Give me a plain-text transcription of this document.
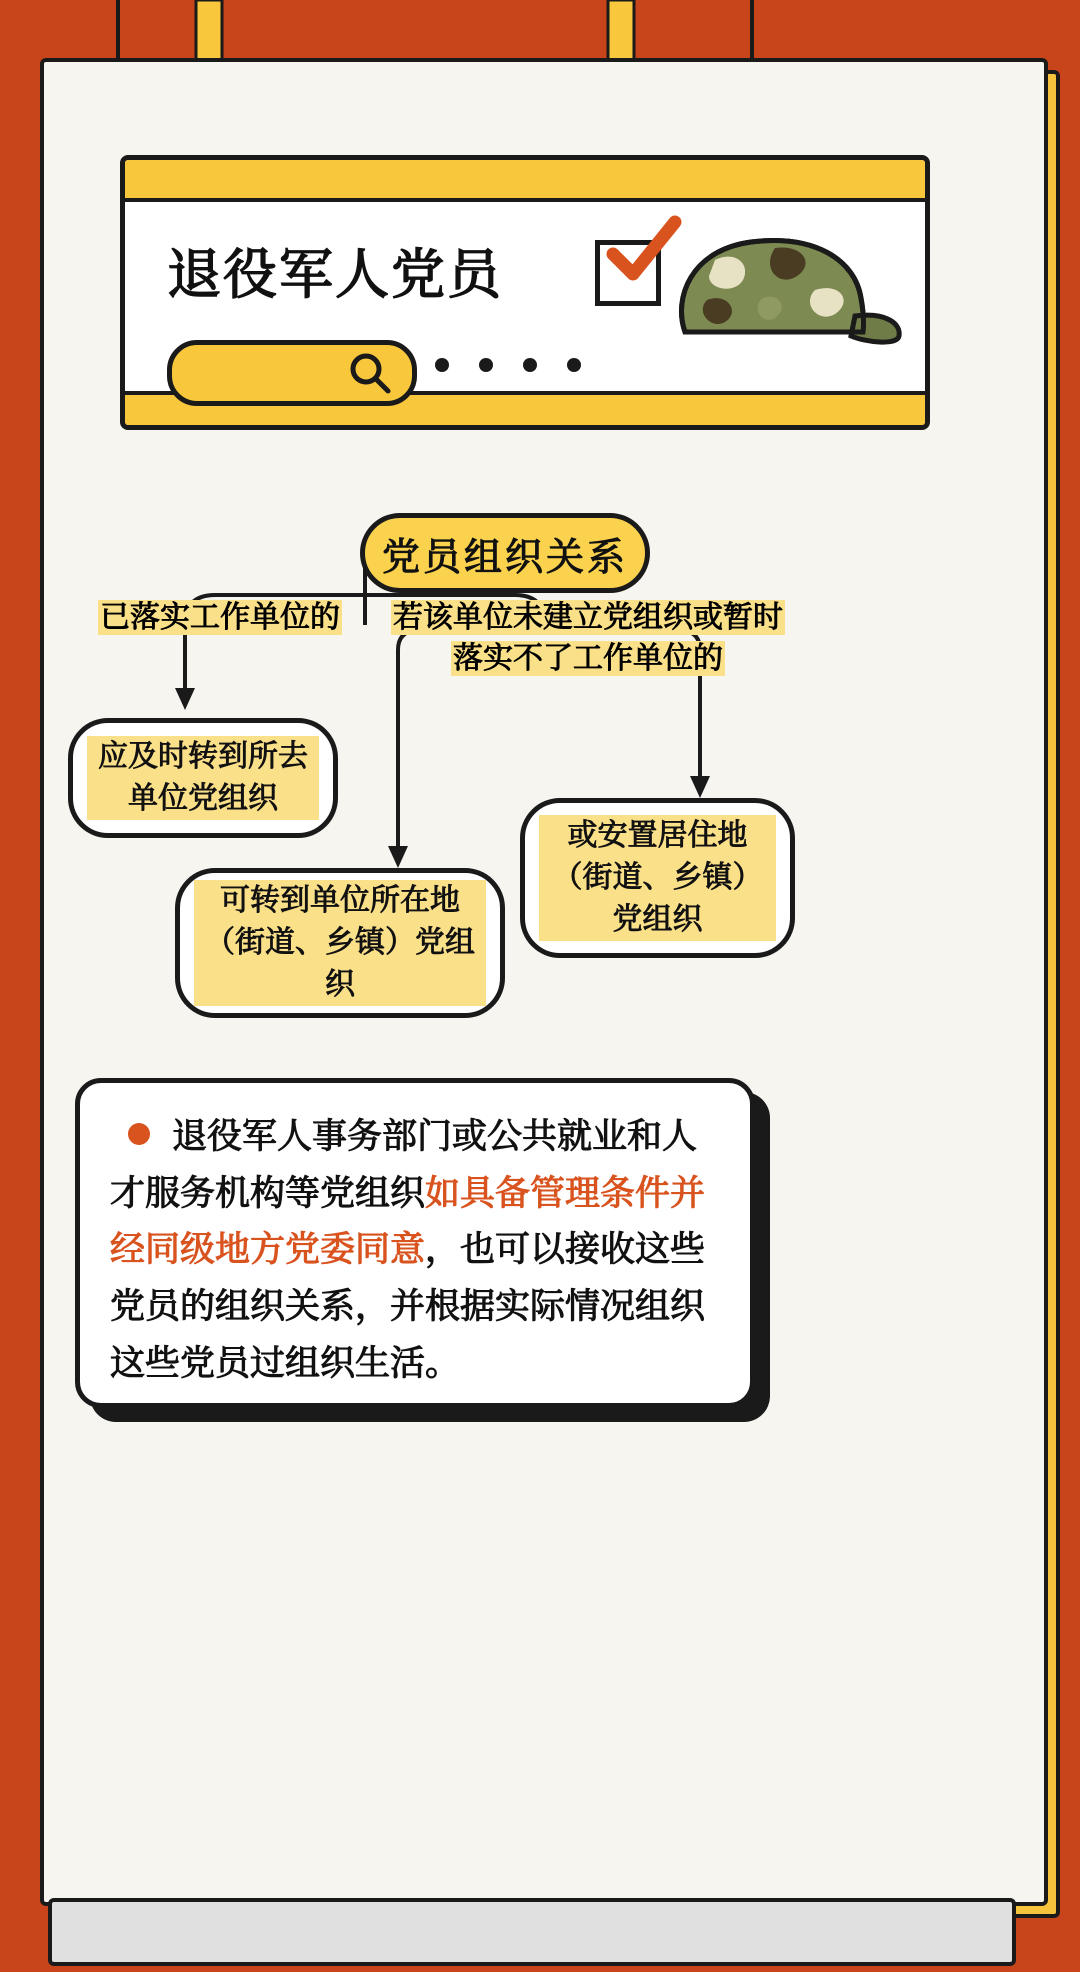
退役军人党员
党员组织关系
已落实工作单位的	若该单位未建立党组织或暂时落实不了工作单位的
应及时转到所去单位党组织
可转到单位所在地（街道、乡镇）党组织
或安置居住地（街道、乡镇）党组织
退役军人事务部门或公共就业和人才服务机构等党组织如具备管理条件并经同级地方党委同意，也可以接收这些党员的组织关系，并根据实际情况组织这些党员过组织生活。
